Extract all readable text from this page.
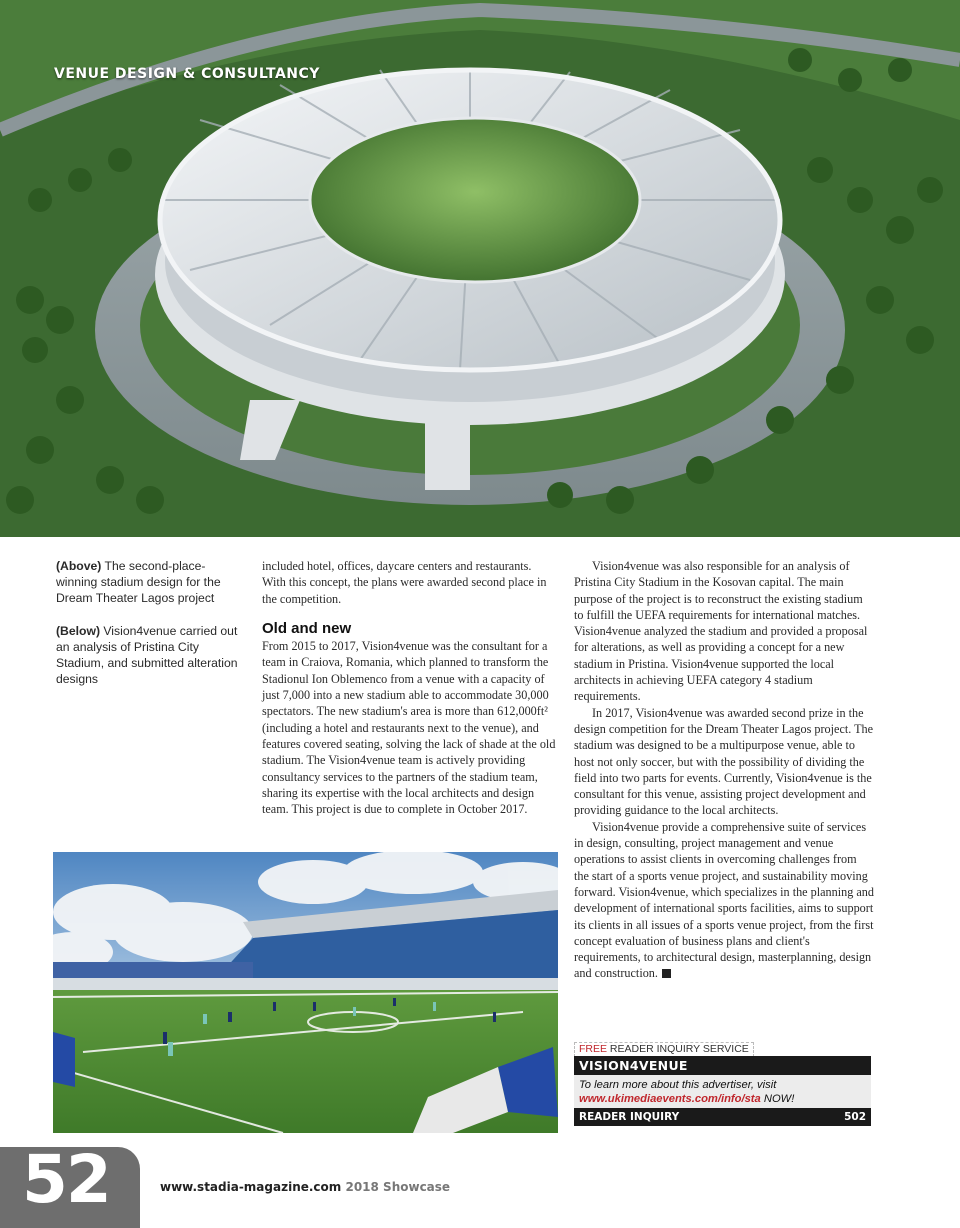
VENUE DESIGN & CONSULTANCY

(Above) The second-place-winning stadium design for the Dream Theater Lagos project

(Below) Vision4venue carried out an analysis of Pristina City Stadium, and submitted alteration designs

included hotel, offices, daycare centers and restaurants. With this concept, the plans were awarded second place in the competition.

Old and new

From 2015 to 2017, Vision4venue was the consultant for a team in Craiova, Romania, which planned to transform the Stadionul Ion Oblemenco from a venue with a capacity of just 7,000 into a new stadium able to accommodate 30,000 spectators. The new stadium's area is more than 612,000ft² (including a hotel and restaurants next to the venue), and features covered seating, solving the lack of shade at the old stadium. The Vision4venue team is actively providing consultancy services to the partners of the stadium team, sharing its expertise with the local architects and design team. This project is due to complete in October 2017.

Vision4venue was also responsible for an analysis of Pristina City Stadium in the Kosovan capital. The main purpose of the project is to reconstruct the existing stadium to fulfill the UEFA requirements for international matches. Vision4venue analyzed the stadium and provided a proposal for alterations, as well as providing a concept for a new stadium in Pristina. Vision4venue supported the local architects in achieving UEFA category 4 stadium requirements.

In 2017, Vision4venue was awarded second prize in the design competition for the Dream Theater Lagos project. The stadium was designed to be a multipurpose venue, able to host not only soccer, but with the possibility of dividing the field into two parts for events. Currently, Vision4venue is the consultant for this venue, assisting project development and providing guidance to the local architects.

Vision4venue provide a comprehensive suite of services in design, consulting, project management and venue operations to assist clients in overcoming challenges from the start of a sports venue project, and sustainability moving forward. Vision4venue, which specializes in the planning and development of international sports facilities, aims to support its clients in all issues of a sports venue project, from the first concept evaluation of business plans and client's requirements, to architectural design, masterplanning, design and construction.

FREE READER INQUIRY SERVICE
VISION4VENUE
To learn more about this advertiser, visit
www.ukimediaevents.com/info/sta NOW!
READER INQUIRY	502
52	www.stadia-magazine.com 2018 Showcase
